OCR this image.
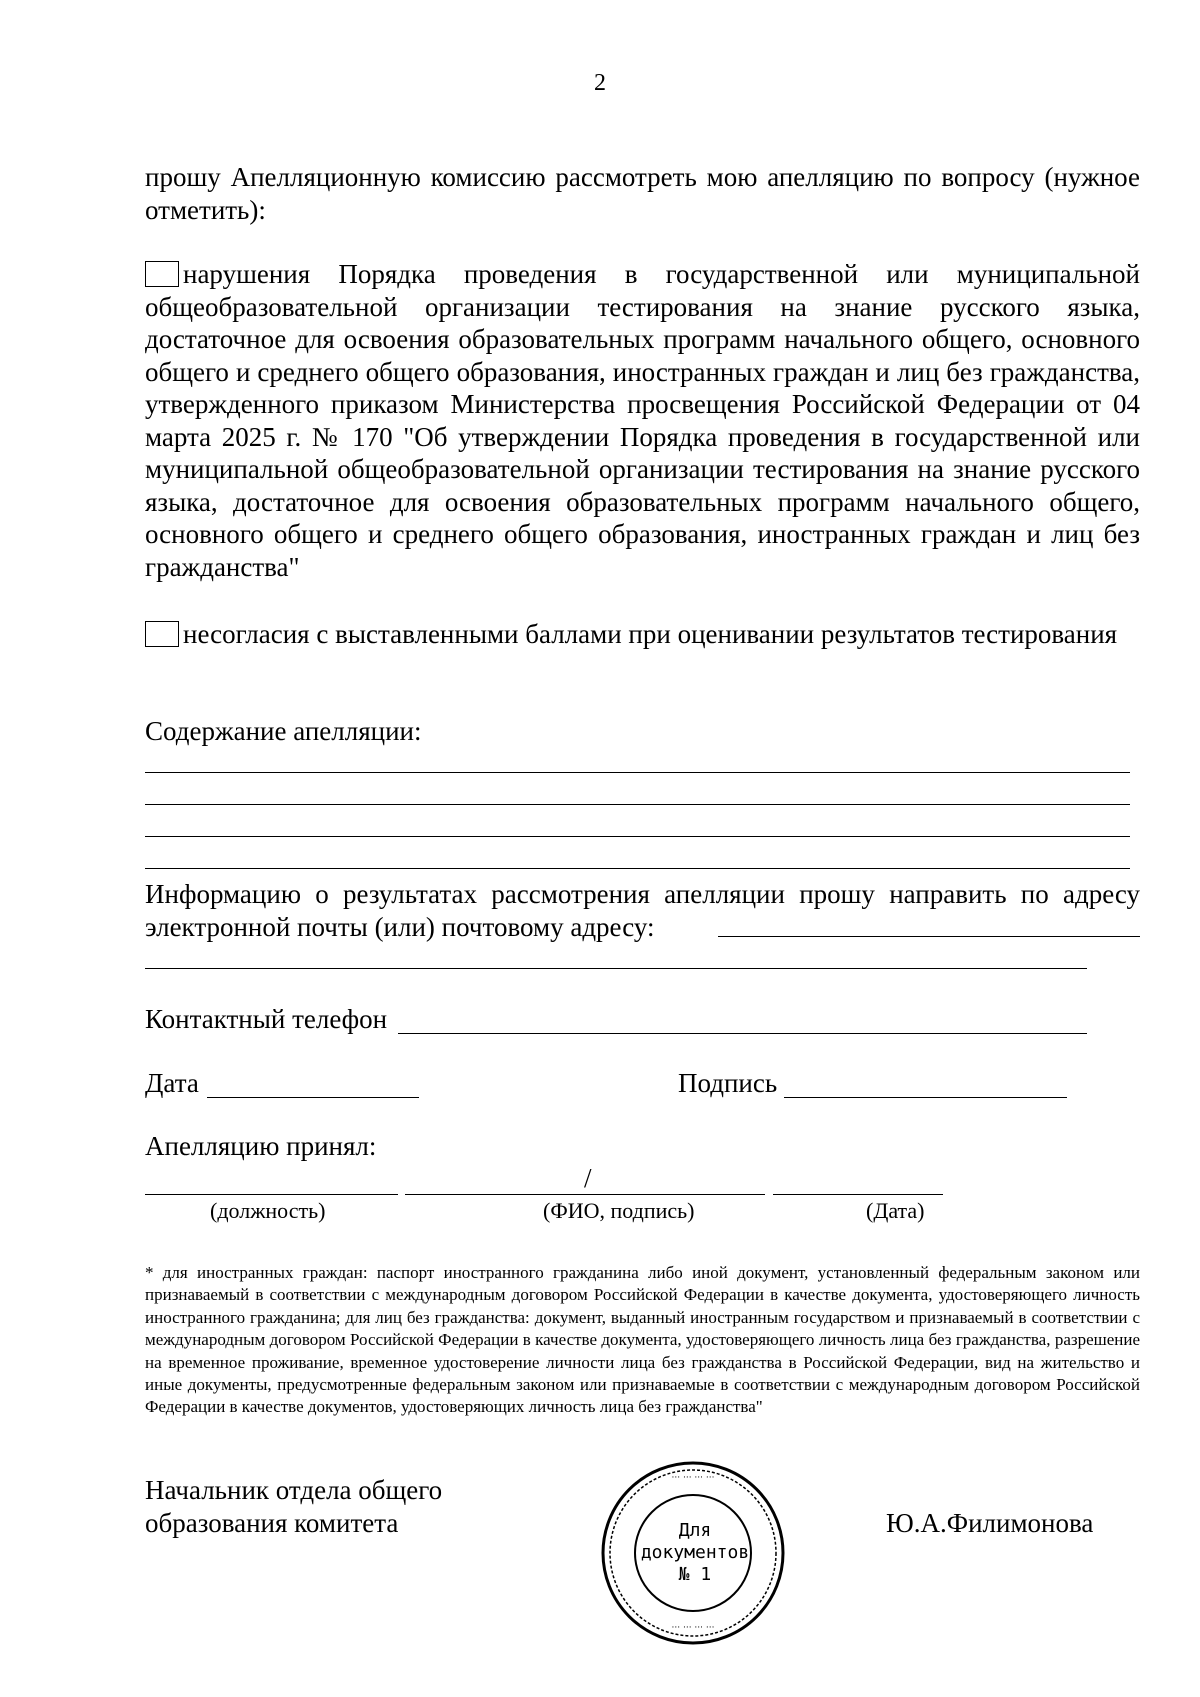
2
прошу Апелляционную комиссию рассмотреть мою апелляцию по вопросу (нужное отметить):
нарушения Порядка проведения в государственной или муниципальной общеобразовательной организации тестирования на знание русского языка, достаточное для освоения образовательных программ начального общего, основного общего и среднего общего образования, иностранных граждан и лиц без гражданства, утвержденного приказом Министерства просвещения Российской Федерации от 04 марта 2025 г. № 170 "Об утверждении Порядка проведения в государственной или муниципальной общеобразовательной организации тестирования на знание русского языка, достаточное для освоения образовательных программ начального общего, основного общего и среднего общего образования, иностранных граждан и лиц без гражданства"
несогласия с выставленными баллами при оценивании результатов тестирования
Содержание апелляции:
Информацию о результатах рассмотрения апелляции прошу направить по адресу электронной почты (или) почтовому адресу:
Контактный телефон
Дата	Подпись
Апелляцию принял:
/
(должность)	(ФИО, подпись)	(Дата)
* для иностранных граждан: паспорт иностранного гражданина либо иной документ, установленный федеральным законом или признаваемый в соответствии с международным договором Российской Федерации в качестве документа, удостоверяющего личность иностранного гражданина; для лиц без гражданства: документ, выданный иностранным государством и признаваемый в соответствии с международным договором Российской Федерации в качестве документа, удостоверяющего личность лица без гражданства, разрешение на временное проживание, временное удостоверение личности лица без гражданства в Российской Федерации, вид на жительство и иные документы, предусмотренные федеральным законом или признаваемые в соответствии с международным договором Российской Федерации в качестве документов, удостоверяющих личность лица без гражданства"
Начальник отдела общего
образования комитета	Ю.А.Филимонова
··· ··· ··· ···
··· ··· ··· ···
Для
документов
№ 1
